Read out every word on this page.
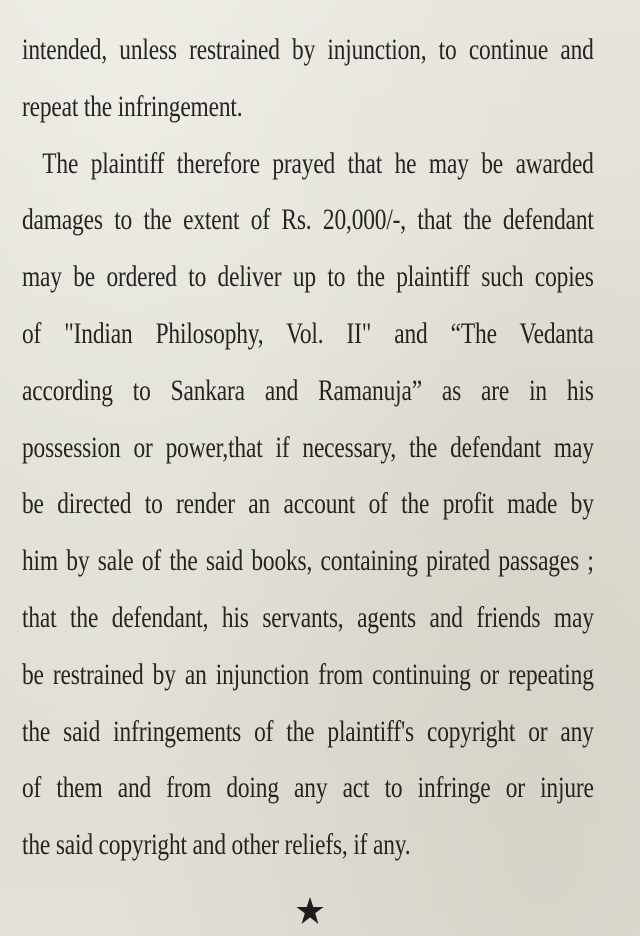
intended, unless restrained by injunction, to continue and
repeat the infringement.
The plaintiff therefore prayed that he may be awarded
damages to the extent of Rs. 20,000/-, that the defendant
may be ordered to deliver up to the plaintiff such copies
of "Indian Philosophy, Vol. II" and “The Vedanta
according to Sankara and Ramanuja” as are in his
possession or power,that if necessary, the defendant may
be directed to render an account of the profit made by
him by sale of the said books, containing pirated passages ;
that the defendant, his servants, agents and friends may
be restrained by an injunction from continuing or repeating
the said infringements of the plaintiff's copyright or any
of them and from doing any act to infringe or injure
the said copyright and other reliefs, if any.
